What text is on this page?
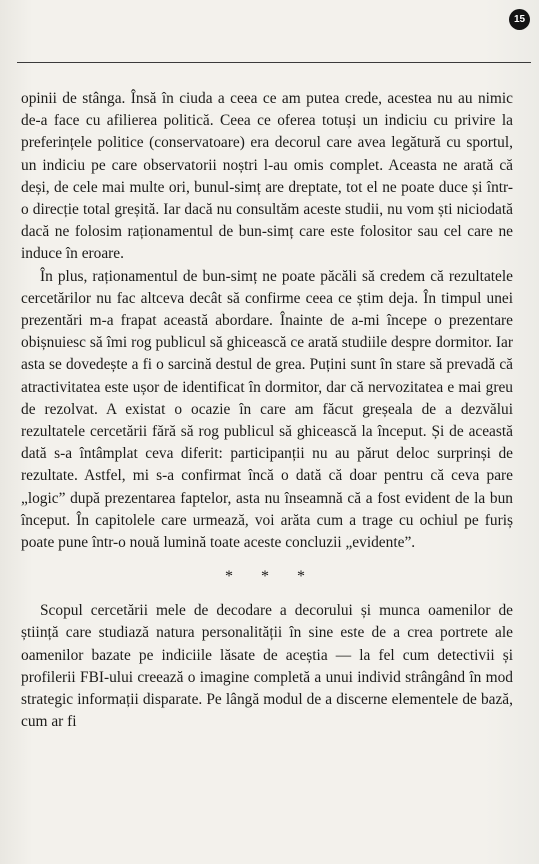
15

opinii de stânga. Însă în ciuda a ceea ce am putea crede, acestea nu au nimic de-a face cu afilierea politică. Ceea ce oferea totuși un indiciu cu privire la preferințele politice (conservatoare) era decorul care avea legătură cu sportul, un indiciu pe care observatorii noștri l-au omis complet. Aceasta ne arată că deși, de cele mai multe ori, bunul-simț are dreptate, tot el ne poate duce și într-o direcție total greșită. Iar dacă nu consultăm aceste studii, nu vom ști niciodată dacă ne folosim raționamentul de bun-simț care este folositor sau cel care ne induce în eroare.

În plus, raționamentul de bun-simț ne poate păcăli să credem că rezultatele cercetărilor nu fac altceva decât să confirme ceea ce știm deja. În timpul unei prezentări m-a frapat această abordare. Înainte de a-mi începe o prezentare obișnuiesc să îmi rog publicul să ghicească ce arată studiile despre dormitor. Iar asta se dovedește a fi o sarcină destul de grea. Puțini sunt în stare să prevadă că atractivitatea este ușor de identificat în dormitor, dar că nervozitatea e mai greu de rezolvat. A existat o ocazie în care am făcut greșeala de a dezvălui rezultatele cercetării fără să rog publicul să ghicească la început. Și de această dată s-a întâmplat ceva diferit: participanții nu au părut deloc surprinși de rezultate. Astfel, mi s-a confirmat încă o dată că doar pentru că ceva pare „logic” după prezentarea faptelor, asta nu înseamnă că a fost evident de la bun început. În capitolele care urmează, voi arăta cum a trage cu ochiul pe furiș poate pune într-o nouă lumină toate aceste concluzii „evidente”.

* * *

Scopul cercetării mele de decodare a decorului și munca oamenilor de știință care studiază natura personalității în sine este de a crea portrete ale oamenilor bazate pe indiciile lăsate de aceștia — la fel cum detectivii și profilerii FBI-ului creează o imagine completă a unui individ strângând în mod strategic informații disparate. Pe lângă modul de a discerne elementele de bază, cum ar fi
